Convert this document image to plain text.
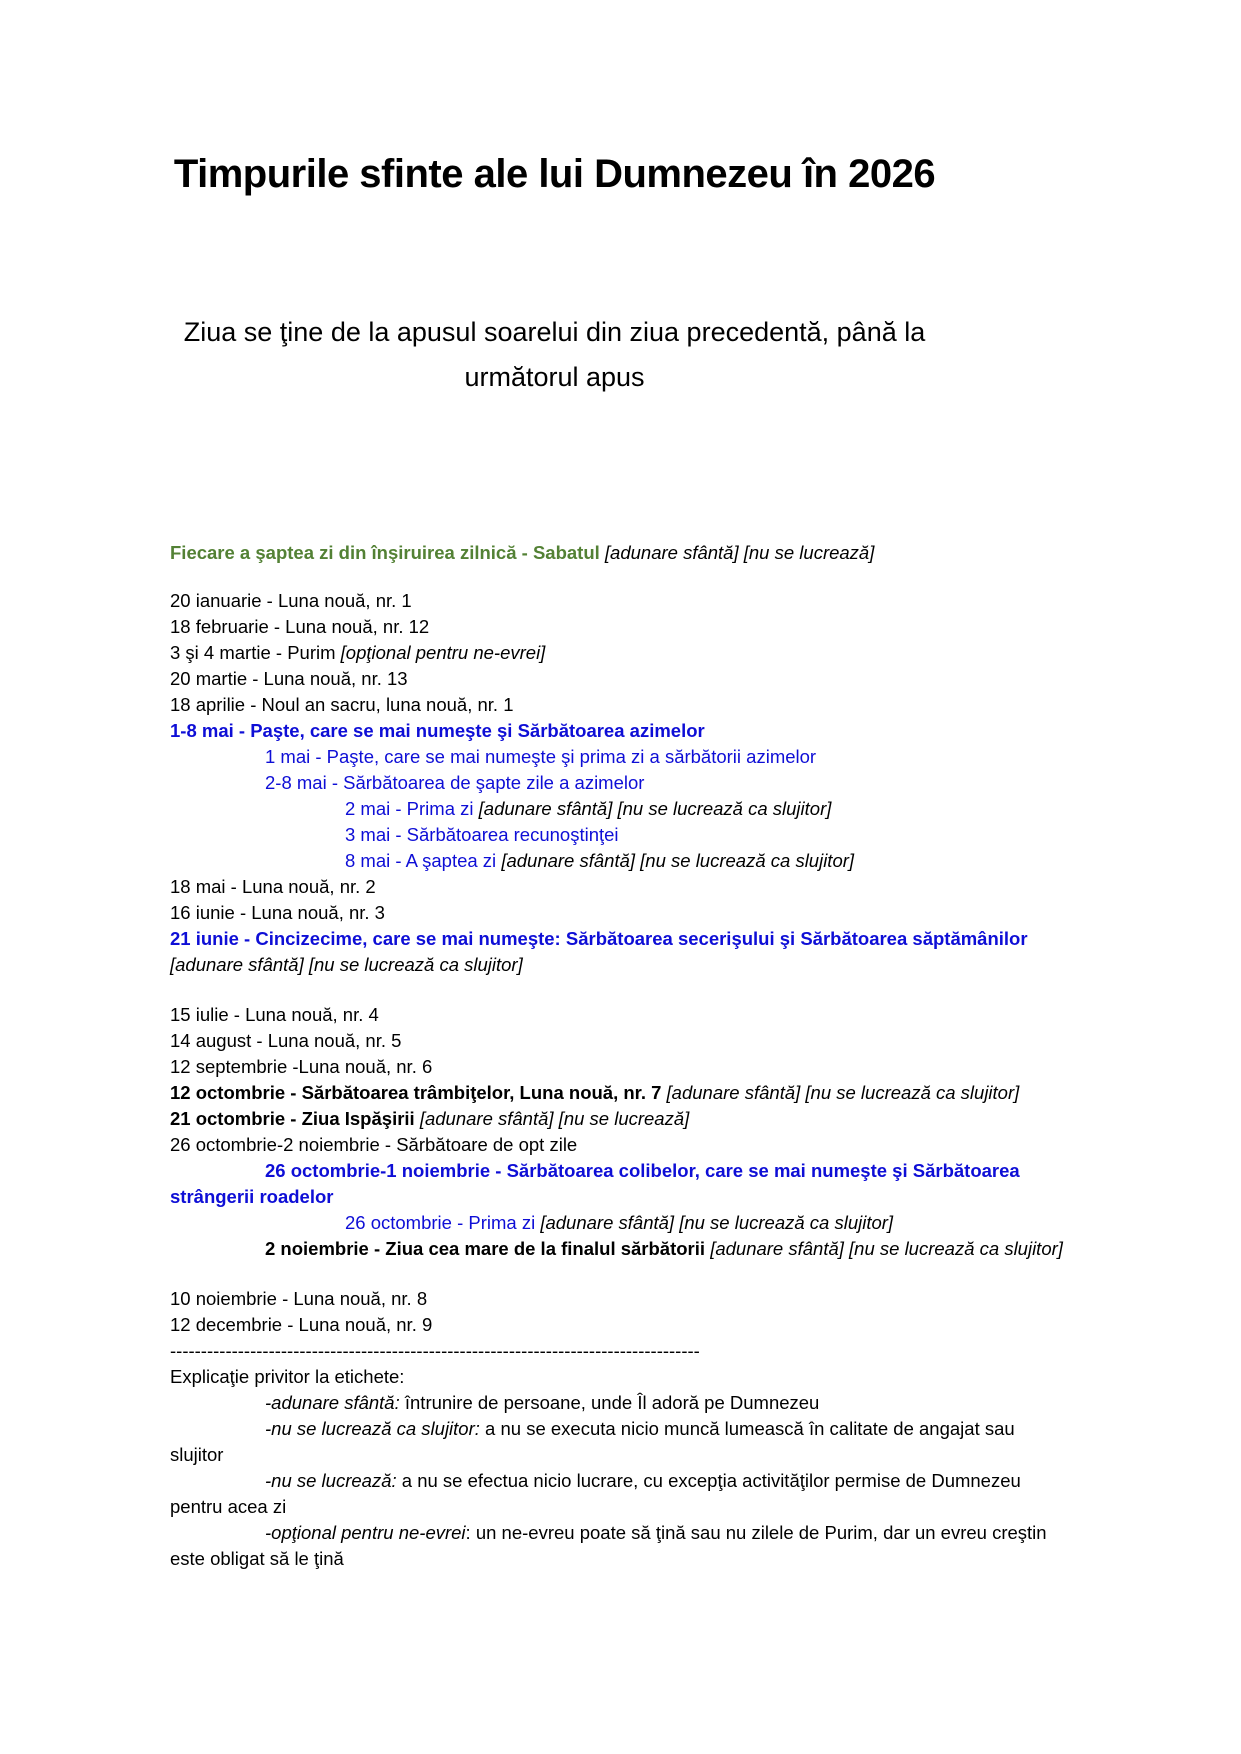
Timpurile sfinte ale lui Dumnezeu în 2026
Ziua se ţine de la apusul soarelui din ziua precedentă, până la următorul apus
Fiecare a şaptea zi din înşiruirea zilnică - Sabatul [adunare sfântă] [nu se lucrează]
20 ianuarie - Luna nouă, nr. 1
18 februarie - Luna nouă, nr. 12
3 şi 4 martie - Purim [opţional pentru ne-evrei]
20 martie - Luna nouă, nr. 13
18 aprilie - Noul an sacru, luna nouă, nr. 1
1-8 mai - Paşte, care se mai numeşte şi Sărbătoarea azimelor
1 mai - Paşte, care se mai numeşte şi prima zi a sărbătorii azimelor
2-8 mai - Sărbătoarea de şapte zile a azimelor
2 mai - Prima zi [adunare sfântă] [nu se lucrează ca slujitor]
3 mai - Sărbătoarea recunoştinţei
8 mai - A şaptea zi [adunare sfântă] [nu se lucrează ca slujitor]
18 mai - Luna nouă, nr. 2
16 iunie - Luna nouă, nr. 3
21 iunie - Cincizecime, care se mai numeşte: Sărbătoarea secerişului şi Sărbătoarea săptămânilor [adunare sfântă] [nu se lucrează ca slujitor]
15 iulie - Luna nouă, nr. 4
14 august - Luna nouă, nr. 5
12 septembrie -Luna nouă, nr. 6
12 octombrie - Sărbătoarea trâmbiţelor, Luna nouă, nr. 7 [adunare sfântă] [nu se lucrează ca slujitor]
21 octombrie - Ziua Ispăşirii [adunare sfântă] [nu se lucrează]
26 octombrie-2 noiembrie - Sărbătoare de opt zile
26 octombrie-1 noiembrie - Sărbătoarea colibelor, care se mai numeşte şi Sărbătoarea strângerii roadelor
26 octombrie - Prima zi [adunare sfântă] [nu se lucrează ca slujitor]
2 noiembrie - Ziua cea mare de la finalul sărbătorii [adunare sfântă] [nu se lucrează ca slujitor]
10 noiembrie - Luna nouă, nr. 8
12 decembrie - Luna nouă, nr. 9
--------------------------------------------------------------------------------------
Explicaţie privitor la etichete:
-adunare sfântă: întrunire de persoane, unde Îl adoră pe Dumnezeu
-nu se lucrează ca slujitor: a nu se executa nicio muncă lumească în calitate de angajat sau slujitor
-nu se lucrează: a nu se efectua nicio lucrare, cu excepţia activităţilor permise de Dumnezeu pentru acea zi
-opţional pentru ne-evrei: un ne-evreu poate să ţină sau nu zilele de Purim, dar un evreu creştin este obligat să le ţină
